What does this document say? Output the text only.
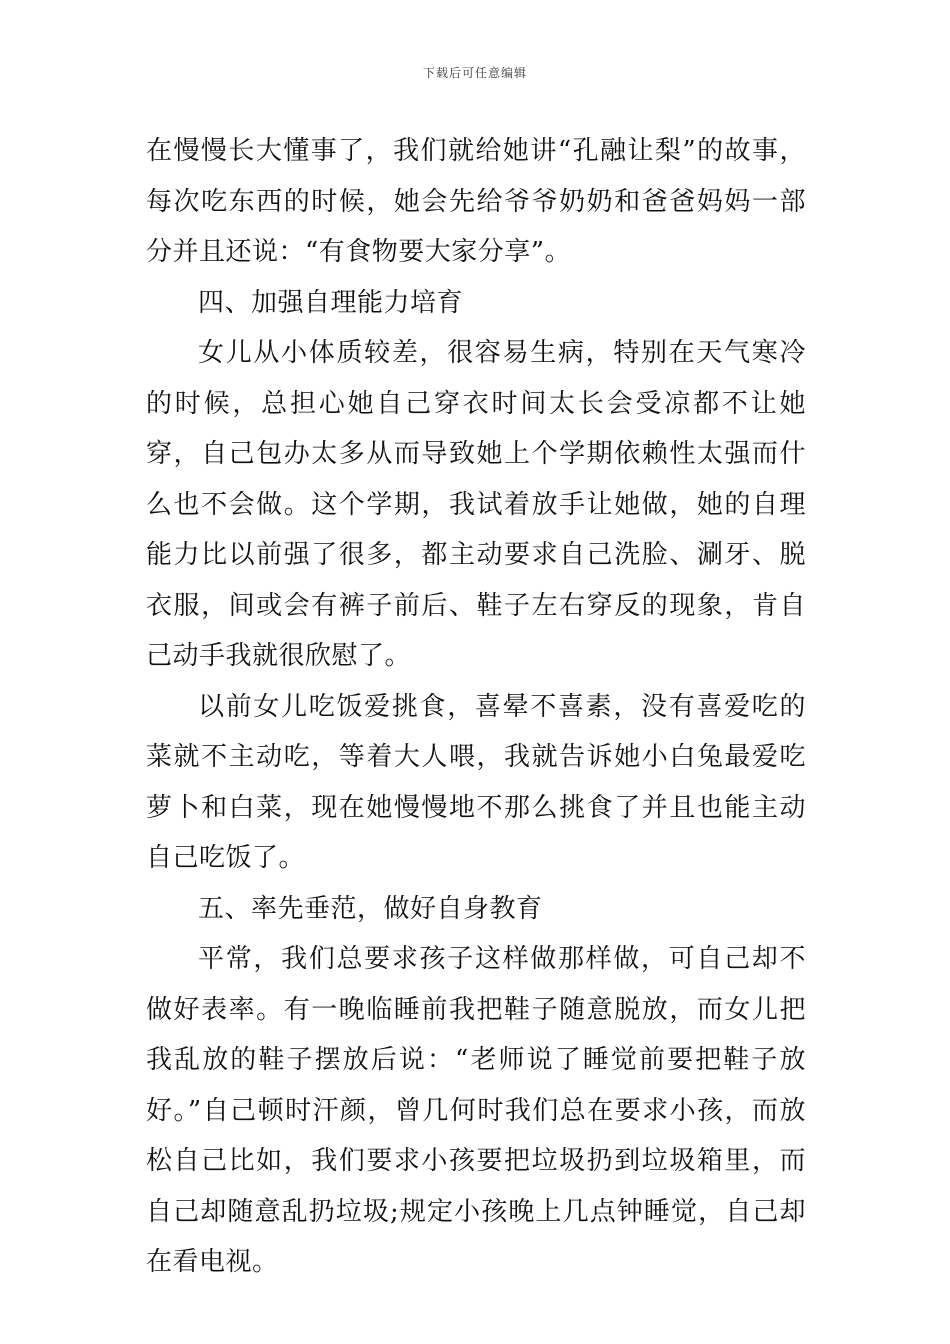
下载后可任意编辑

在慢慢长大懂事了，我们就给她讲“孔融让梨”的故事，每次吃东西的时候，她会先给爷爷奶奶和爸爸妈妈一部分并且还说：“有食物要大家分享”。

四、加强自理能力培育

女儿从小体质较差，很容易生病，特别在天气寒冷的时候，总担心她自己穿衣时间太长会受凉都不让她穿，自己包办太多从而导致她上个学期依赖性太强而什么也不会做。这个学期，我试着放手让她做，她的自理能力比以前强了很多，都主动要求自己洗脸、涮牙、脱衣服，间或会有裤子前后、鞋子左右穿反的现象，肯自己动手我就很欣慰了。

以前女儿吃饭爱挑食，喜晕不喜素，没有喜爱吃的菜就不主动吃，等着大人喂，我就告诉她小白兔最爱吃萝卜和白菜，现在她慢慢地不那么挑食了并且也能主动自己吃饭了。

五、率先垂范，做好自身教育

平常，我们总要求孩子这样做那样做，可自己却不做好表率。有一晚临睡前我把鞋子随意脱放，而女儿把我乱放的鞋子摆放后说：“老师说了睡觉前要把鞋子放好。”自己顿时汗颜，曾几何时我们总在要求小孩，而放松自己比如，我们要求小孩要把垃圾扔到垃圾箱里，而自己却随意乱扔垃圾;规定小孩晚上几点钟睡觉，自己却在看电视。
